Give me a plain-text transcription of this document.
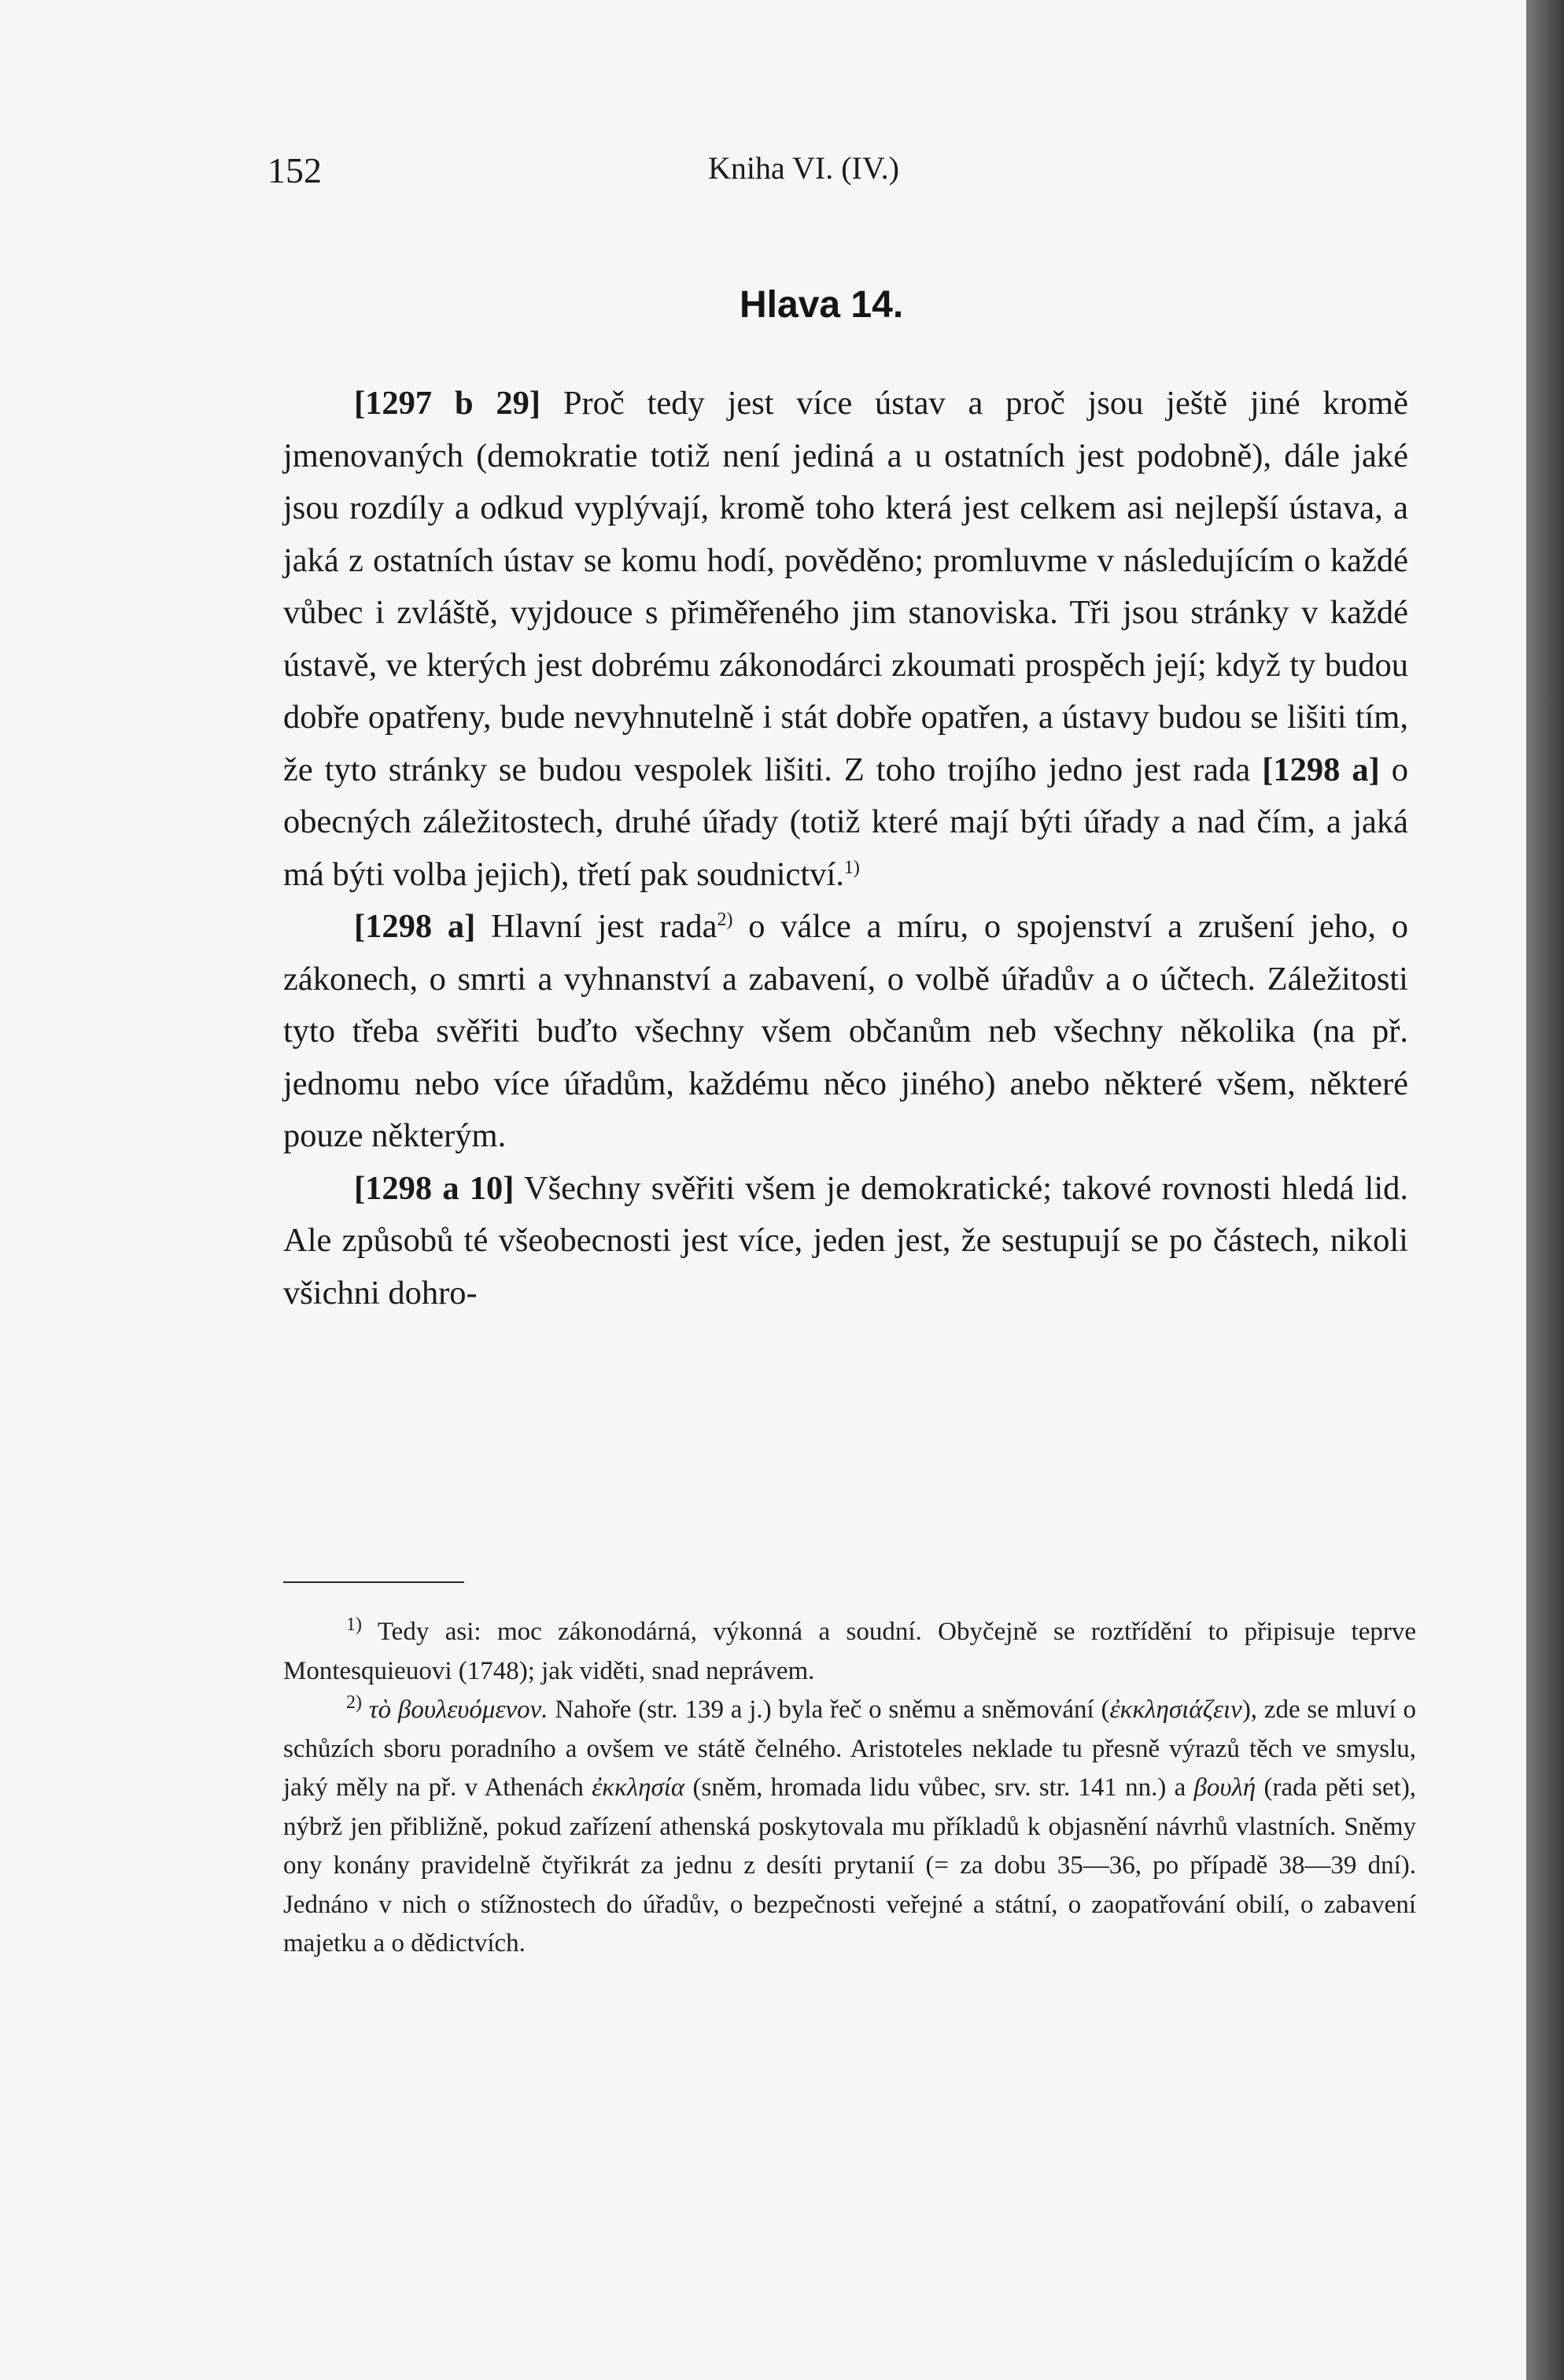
152	Kniha VI. (IV.)
Hlava 14.

[1297 b 29] Proč tedy jest více ústav a proč jsou ještě jiné kromě jmenovaných (demokratie totiž není jediná a u ostatních jest podobně), dále jaké jsou rozdíly a odkud vyplývají, kromě toho která jest celkem asi nejlepší ústava, a jaká z ostatních ústav se komu hodí, pověděno; promluvme v následujícím o každé vůbec i zvláště, vyjdouce s přiměřeného jim stanoviska. Tři jsou stránky v každé ústavě, ve kterých jest dobrému zákonodárci zkoumati prospěch její; když ty budou dobře opatřeny, bude nevyhnutelně i stát dobře opatřen, a ústavy budou se lišiti tím, že tyto stránky se budou vespolek lišiti. Z toho trojího jedno jest rada [1298 a] o obecných záležitostech, druhé úřady (totiž které mají býti úřady a nad čím, a jaká má býti volba jejich), třetí pak soudnictví.$^{1)}$

[1298 a] Hlavní jest rada$^{2)}$ o válce a míru, o spojenství a zrušení jeho, o zákonech, o smrti a vyhnanství a zabavení, o volbě úřadův a o účtech. Záležitosti tyto třeba svěřiti buďto všechny všem občanům neb všechny několika (na př. jednomu nebo více úřadům, každému něco jiného) anebo některé všem, některé pouze některým.

[1298 a 10] Všechny svěřiti všem je demokratické; takové rovnosti hledá lid. Ale způsobů té všeobecnosti jest více, jeden jest, že sestupují se po částech, nikoli všichni dohro-

$^{1)}$ Tedy asi: moc zákonodárná, výkonná a soudní. Obyčejně se roztřídění to připisuje teprve Montesquieuovi (1748); jak viděti, snad neprávem.

$^{2)}$ τὸ βουλευόμενον. Nahoře (str. 139 a j.) byla řeč o sněmu a sněmování (ἐκκλησιάζειν), zde se mluví o schůzích sboru poradního a ovšem ve státě čelného. Aristoteles neklade tu přesně výrazů těch ve smyslu, jaký měly na př. v Athenách ἐκκλησία (sněm, hromada lidu vůbec, srv. str. 141 nn.) a βουλή (rada pěti set), nýbrž jen přibližně, pokud zařízení athenská poskytovala mu příkladů k objasnění návrhů vlastních. Sněmy ony konány pravidelně čtyřikrát za jednu z desíti prytanií (= za dobu 35—36, po případě 38—39 dní). Jednáno v nich o stížnostech do úřadův, o bezpečnosti veřejné a státní, o zaopatřování obilí, o zabavení majetku a o dědictvích.
